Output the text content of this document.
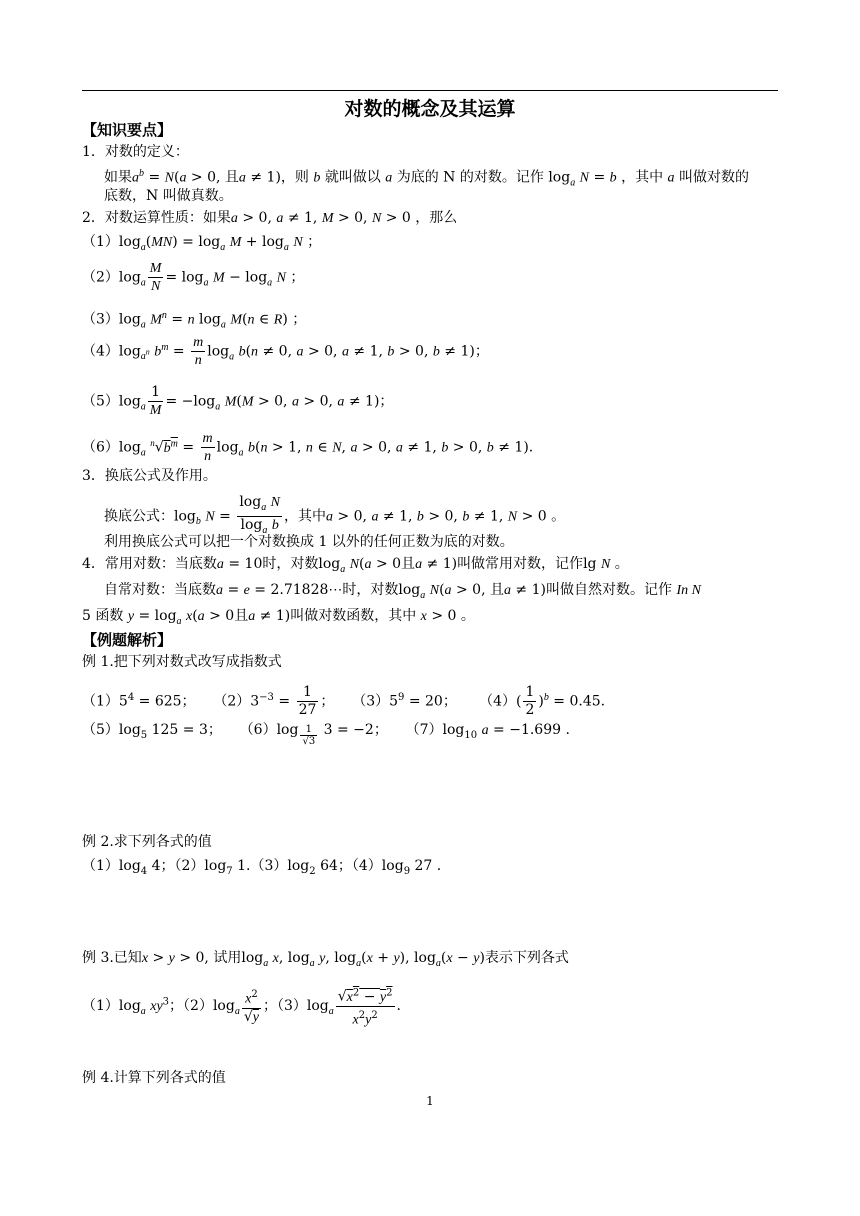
对数的概念及其运算
【知识要点】
1．对数的定义：
如果$a^b = N(a > 0$, 且a ≠ 1)，则 b 就叫做以 a 为底的 N 的对数。记作 $\log_a N = b$ ，其中 a 叫做对数的
底数，N 叫做真数。
2．对数运算性质：如果a > 0, a ≠ 1, M > 0, N > 0 ，那么
$(1)\log_a(MN) = \log_a M + \log_a N$ ；
$(2)\log_a \frac{M}{N} = \log_a M - \log_a N$ ；
$(3)\log_a$ $M^n = n$ $\log_a M(n$ ∈ R) ；
$(4)\log_{a^n}$ $b^m = \frac{m}{n} \log_a b(n \ne 0$, a > 0, a ≠ 1, b > 0, b ≠ 1)；
$(5)\log_a \frac{1}{M} = -\log_a$ M(M > 0, a > 0, a ≠ 1)；
$(6)\log_a$ $^n√b^m = \frac{m}{n} \log_a b(n > 1$, n ∈ N, a > 0, a ≠ 1, b > 0, b ≠ 1).
3．换底公式及作用。
换底公式：$\log_b N = \frac{\log_a N}{\log_a b}$ ，其中a > 0, a ≠ 1, b > 0, b ≠ 1, N > 0 。
利用换底公式可以把一个对数换成 1 以外的任何正数为底的对数。
4．常用对数：当底数a = 10时，对数$\log_a N(a > 0$且a ≠ 1)叫做常用对数，记作lg N 。
自常对数：当底数a = e = 2.71828⋯时，对数$\log_a N(a > 0$, 且a ≠ 1)叫做自然对数。记作 In N
5 函数 $y = \log_a x(a > 0$且a ≠ 1)叫做对数函数，其中 x > 0 。
【例题解析】
例 1.把下列对数式改写成指数式
$(1)5^4 = 625$；    $(2)3^{-3} = \frac{1}{27}$ ；    $(3)5^9 = 20$；     $(4)( \frac{1}{2} )^b = 0.45$.
$(5)\log_5$ 125 = 3；    （6）log $_{\frac{1}{√3}}$ 3 = −2；    $(7)\log_{10}$ a = −1.699 .
例 2.求下列各式的值
$(1)\log_4$ 4；$(2)\log_7$ $1.(3)\log_2$ 64；$(4)\log_9$ 27 .
例 3.已知x > y > 0, 试用$\log_a x$, $\log_a y$, $\log_a(x + y)$, $\log_a(x - y)$表示下列各式
$(1)\log_a$ $xy^3$；$(2)\log_a \frac{x^2}{√y}$ ；$(3)\log_a \frac{√x^2 - y^2}{x^2y^2}$ .
例 4.计算下列各式的值
1
